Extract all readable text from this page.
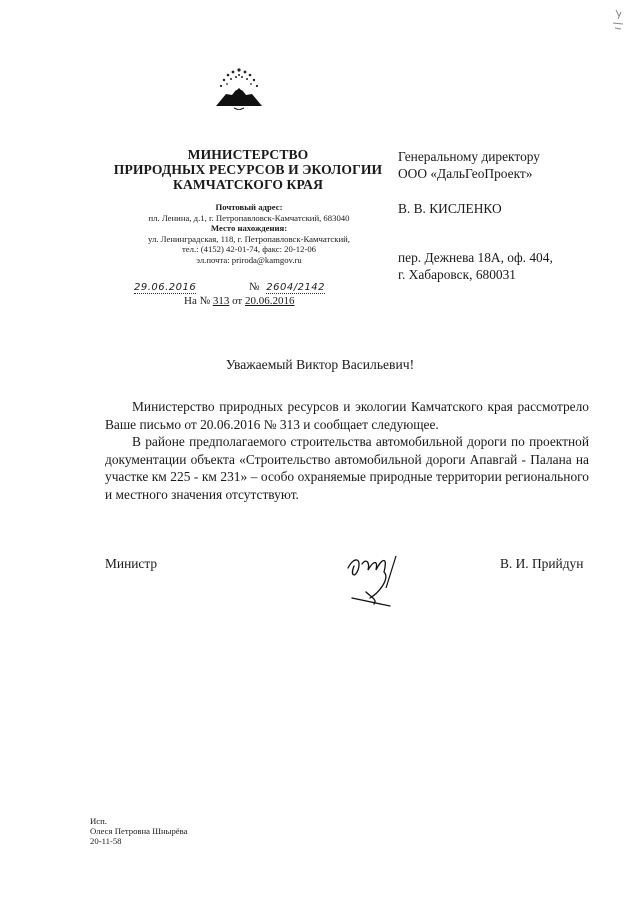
МИНИСТЕРСТВО
ПРИРОДНЫХ РЕСУРСОВ И ЭКОЛОГИИ
КАМЧАТСКОГО КРАЯ
Почтовый адрес:
пл. Ленина, д.1, г. Петропавловск-Камчатский, 683040
Место нахождения:
ул. Ленинградская, 118, г. Петропавловск-Камчатский,
тел.: (4152) 42-01-74, факс: 20-12-06
эл.почта: priroda@kamgov.ru
29.06.2016	№ 2604/2142
На № 313 от 20.06.2016
Генеральному директору
ООО «ДальГеоПроект»
В. В. КИСЛЕНКО
пер. Дежнева 18А, оф. 404,
г. Хабаровск, 680031
Уважаемый Виктор Васильевич!

Министерство природных ресурсов и экологии Камчатского края рассмотрело Ваше письмо от 20.06.2016 № 313 и сообщает следующее.

В районе предполагаемого строительства автомобильной дороги по проектной документации объекта «Строительство автомобильной дороги Апавгай - Палана на участке км 225 - км 231» – особо охраняемые природные территории регионального и местного значения отсутствуют.

Министр	В. И. Прийдун
Исп.
Олеся Петровна Шнырёва
20-11-58
